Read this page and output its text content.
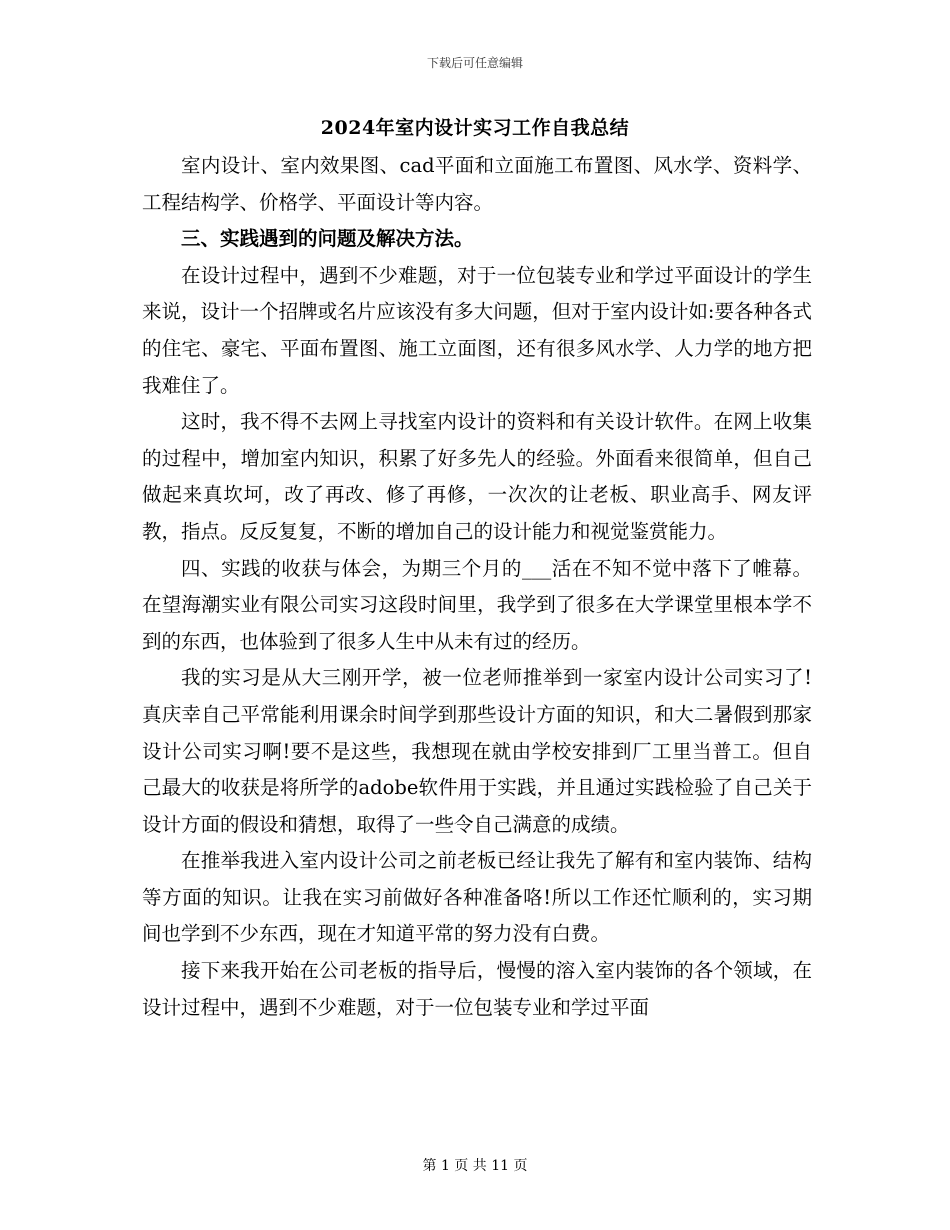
下载后可任意编辑
2024年室内设计实习工作自我总结

室内设计、室内效果图、cad平面和立面施工布置图、风水学、资料学、工程结构学、价格学、平面设计等内容。

三、实践遇到的问题及解决方法。

在设计过程中，遇到不少难题，对于一位包装专业和学过平面设计的学生来说，设计一个招牌或名片应该没有多大问题，但对于室内设计如:要各种各式的住宅、豪宅、平面布置图、施工立面图，还有很多风水学、人力学的地方把我难住了。

这时，我不得不去网上寻找室内设计的资料和有关设计软件。在网上收集的过程中，增加室内知识，积累了好多先人的经验。外面看来很简单，但自己做起来真坎坷，改了再改、修了再修，一次次的让老板、职业高手、网友评教，指点。反反复复，不断的增加自己的设计能力和视觉鉴赏能力。

四、实践的收获与体会，为期三个月的___活在不知不觉中落下了帷幕。在望海潮实业有限公司实习这段时间里，我学到了很多在大学课堂里根本学不到的东西，也体验到了很多人生中从未有过的经历。

我的实习是从大三刚开学，被一位老师推举到一家室内设计公司实习了!真庆幸自己平常能利用课余时间学到那些设计方面的知识，和大二暑假到那家设计公司实习啊!要不是这些，我想现在就由学校安排到厂工里当普工。但自己最大的收获是将所学的adobe软件用于实践，并且通过实践检验了自己关于设计方面的假设和猜想，取得了一些令自己满意的成绩。

在推举我进入室内设计公司之前老板已经让我先了解有和室内装饰、结构等方面的知识。让我在实习前做好各种准备咯!所以工作还忙顺利的，实习期间也学到不少东西，现在才知道平常的努力没有白费。

接下来我开始在公司老板的指导后，慢慢的溶入室内装饰的各个领域，在设计过程中，遇到不少难题，对于一位包装专业和学过平面

第 1 页 共 11 页
